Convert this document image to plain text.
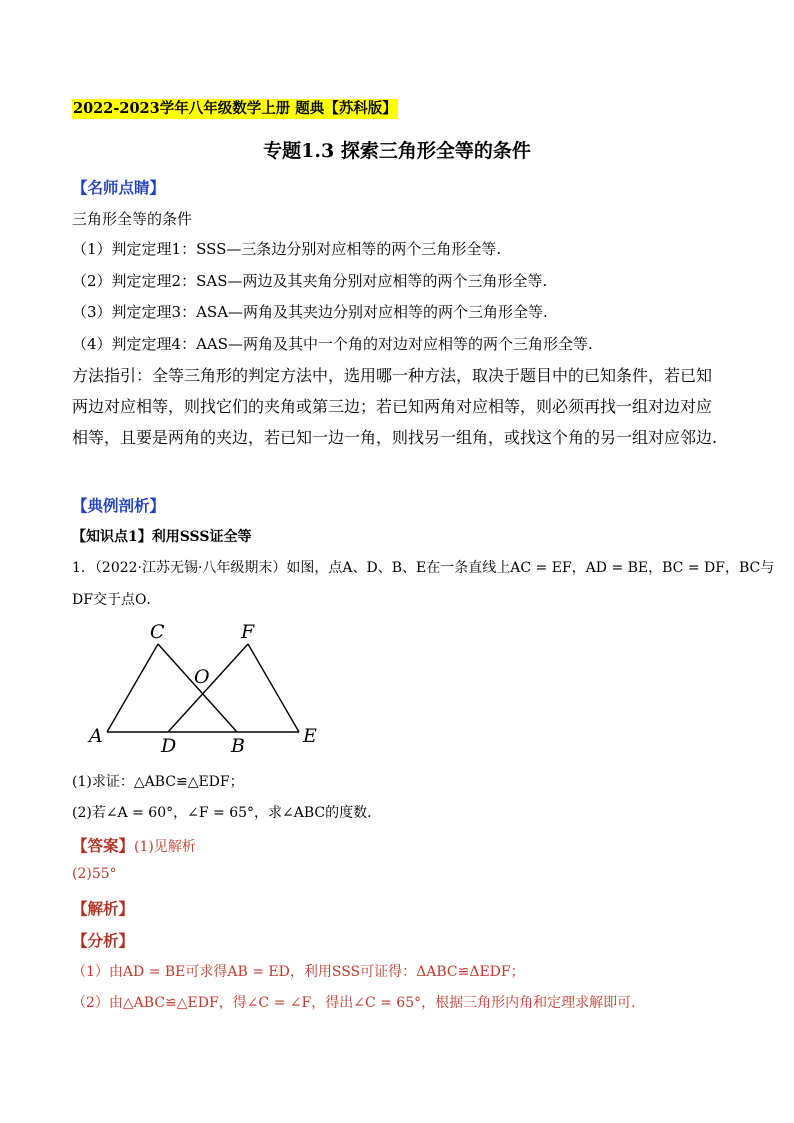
2022-2023学年八年级数学上册 题典【苏科版】
专题1.3 探索三角形全等的条件
【名师点睛】
三角形全等的条件
（1）判定定理1：SSS—三条边分别对应相等的两个三角形全等.
（2）判定定理2：SAS—两边及其夹角分别对应相等的两个三角形全等.
（3）判定定理3：ASA—两角及其夹边分别对应相等的两个三角形全等.
（4）判定定理4：AAS—两角及其中一个角的对边对应相等的两个三角形全等.
方法指引：全等三角形的判定方法中，选用哪一种方法，取决于题目中的已知条件，若已知两边对应相等，则找它们的夹角或第三边；若已知两角对应相等，则必须再找一组对边对应相等，且要是两角的夹边，若已知一边一角，则找另一组角，或找这个角的另一组对应邻边.
【典例剖析】
【知识点1】利用SSS证全等
1．（2022·江苏无锡·八年级期末）如图，点A、D、B、E在一条直线上AC = EF，AD = BE，BC = DF，BC与
DF交于点O．
A	D	B	E
C	F
O
(1)求证：△ABC≌△EDF；
(2)若∠A = 60°，∠F = 65°，求∠ABC的度数．
【答案】(1)见解析
(2)55°
【解析】
【分析】
（1）由AD = BE可求得AB = ED，利用SSS可证得：ΔABC≌ΔEDF；
（2）由△ABC≌△EDF，得∠C = ∠F，得出∠C = 65°，根据三角形内角和定理求解即可．
